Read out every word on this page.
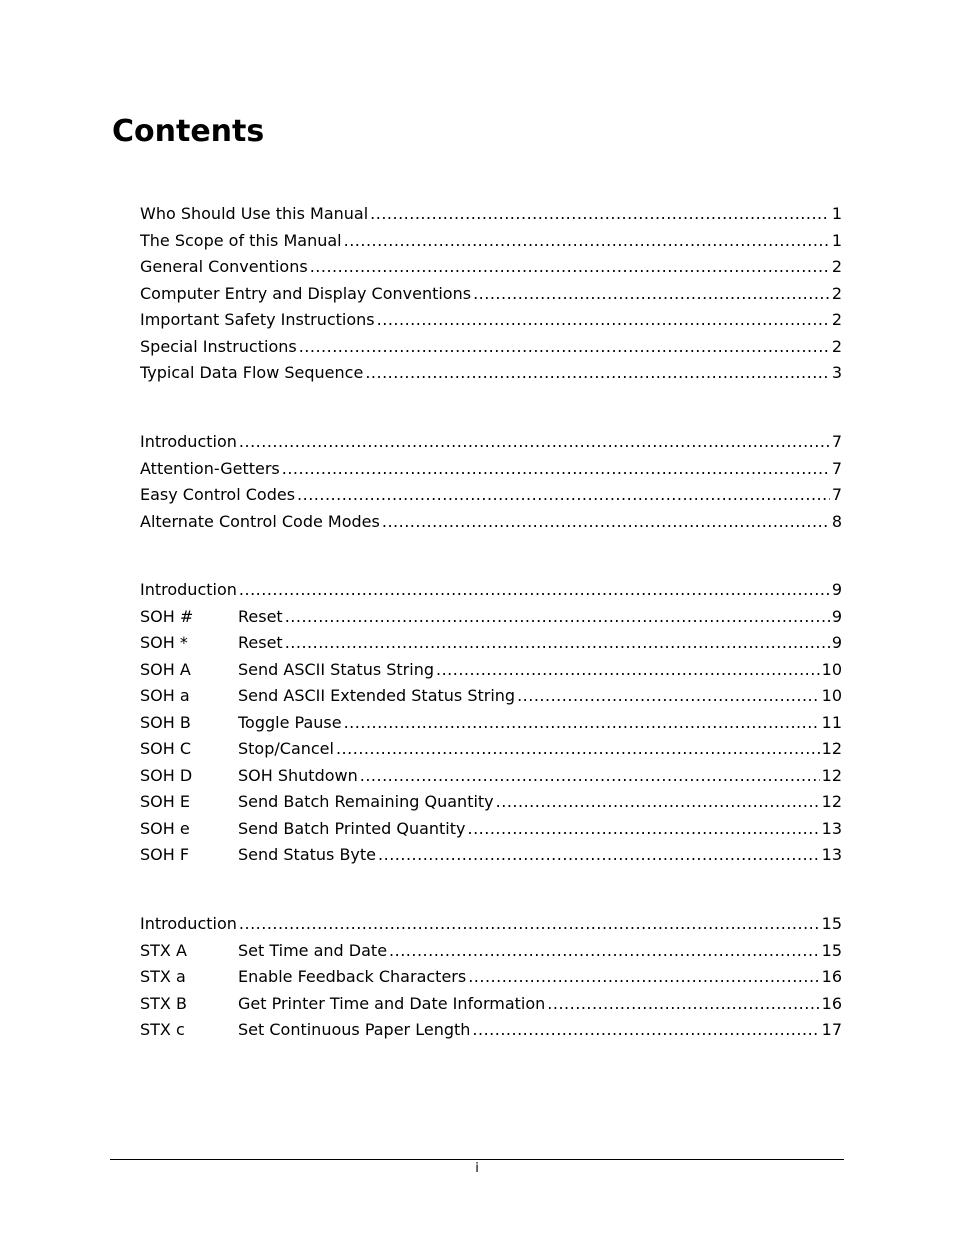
Contents
Who Should Use this Manual .....	1
The Scope of this Manual .....	1
General Conventions .....	2
Computer Entry and Display Conventions .....	2
Important Safety Instructions .....	2
Special Instructions .....	2
Typical Data Flow Sequence .....	3
Introduction .....	7
Attention-Getters .....	7
Easy Control Codes .....	7
Alternate Control Code Modes .....	8
Introduction .....	9
SOH #	Reset .....	9
SOH *	Reset .....	9
SOH A	Send ASCII Status String .....	10
SOH a	Send ASCII Extended Status String .....	10
SOH B	Toggle Pause .....	11
SOH C	Stop/Cancel .....	12
SOH D	SOH Shutdown .....	12
SOH E	Send Batch Remaining Quantity .....	12
SOH e	Send Batch Printed Quantity .....	13
SOH F	Send Status Byte .....	13
Introduction .....	15
STX A	Set Time and Date .....	15
STX a	Enable Feedback Characters .....	16
STX B	Get Printer Time and Date Information .....	16
STX c	Set Continuous Paper Length .....	17
i
